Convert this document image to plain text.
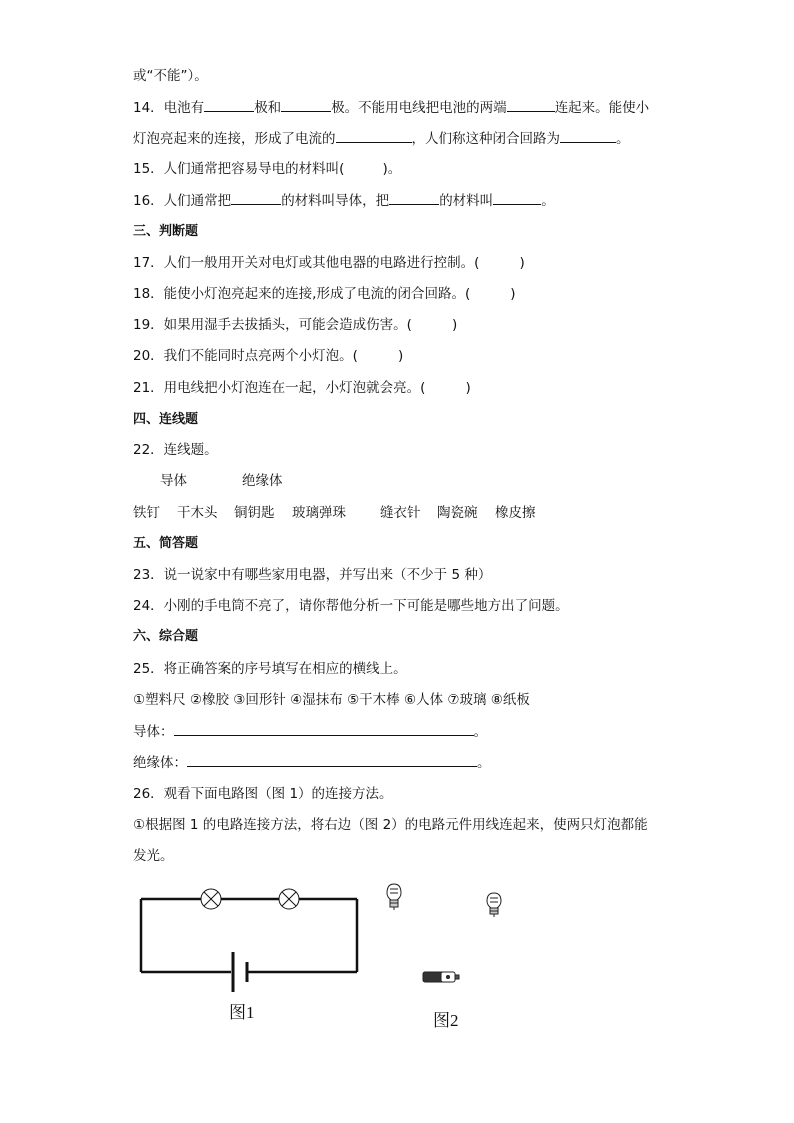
或“不能”）。
14．电池有	极和	极。不能用电线把电池的两端	连起来。能使小
灯泡亮起来的连接，形成了电流的	，人们称这种闭合回路为	。
15．人们通常把容易导电的材料叫(	)。
16．人们通常把	的材料叫导体，把	的材料叫	。
三、判断题
17．人们一般用开关对电灯或其他电器的电路进行控制。(	)
18．能使小灯泡亮起来的连接,形成了电流的闭合回路。(	)
19．如果用湿手去拔插头，可能会造成伤害。(	)
20．我们不能同时点亮两个小灯泡。(	)
21．用电线把小灯泡连在一起，小灯泡就会亮。(	)
四、连线题
22．连线题。
导体	绝缘体
铁钉 干木头 铜钥匙 玻璃弹珠	缝衣针 陶瓷碗 橡皮擦
五、简答题
23．说一说家中有哪些家用电器，并写出来（不少于 5 种）
24．小刚的手电筒不亮了，请你帮他分析一下可能是哪些地方出了问题。
六、综合题
25．将正确答案的序号填写在相应的横线上。
①塑料尺 ②橡胶 ③回形针 ④湿抹布 ⑤干木棒 ⑥人体 ⑦玻璃 ⑧纸板
导体：	。
绝缘体：	。
26．观看下面电路图（图 1）的连接方法。
①根据图 1 的电路连接方法，将右边（图 2）的电路元件用线连起来，使两只灯泡都能
发光。
图1	图2
